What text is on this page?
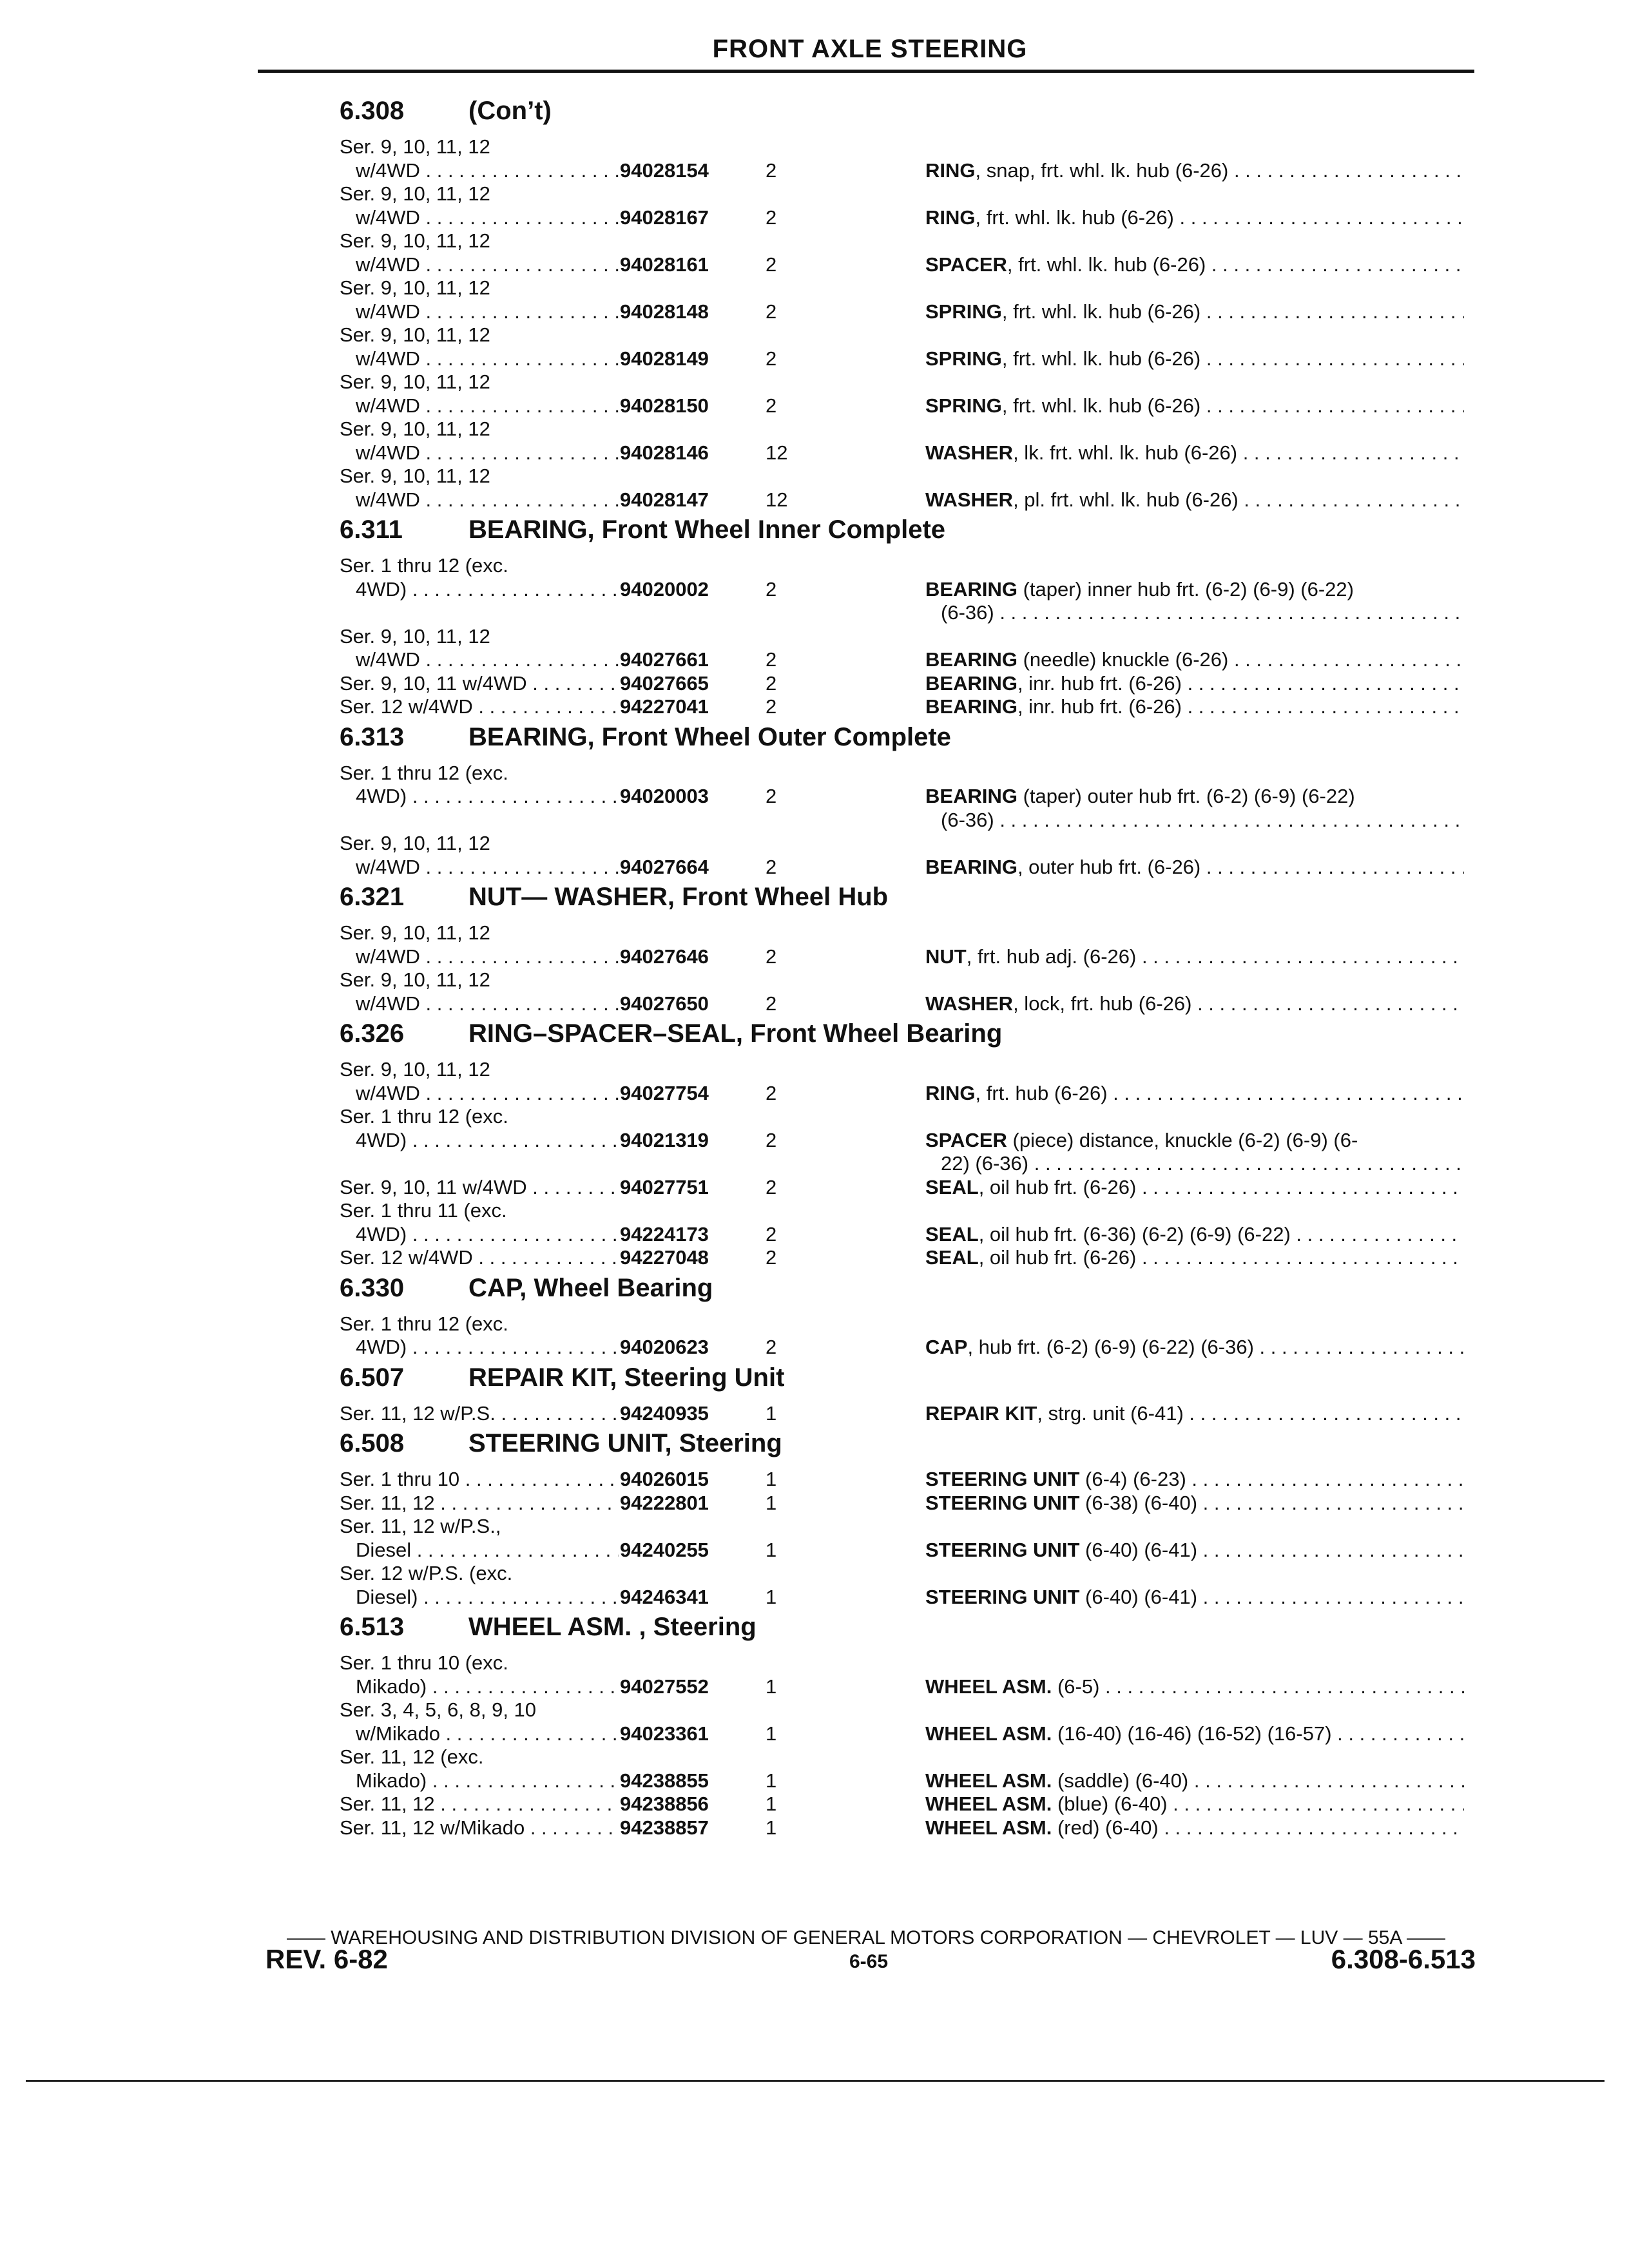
FRONT AXLE STEERING
6.308 (Con’t)
Ser. 9, 10, 11, 12
w/4WD . . .	94028154	2	RING, snap, frt. whl. lk. hub (6-26) . . .
Ser. 9, 10, 11, 12
w/4WD . . .	94028167	2	RING, frt. whl. lk. hub (6-26) . . .
Ser. 9, 10, 11, 12
w/4WD . . .	94028161	2	SPACER, frt. whl. lk. hub (6-26) . . .
Ser. 9, 10, 11, 12
w/4WD . . .	94028148	2	SPRING, frt. whl. lk. hub (6-26) . . .
Ser. 9, 10, 11, 12
w/4WD . . .	94028149	2	SPRING, frt. whl. lk. hub (6-26) . . .
Ser. 9, 10, 11, 12
w/4WD . . .	94028150	2	SPRING, frt. whl. lk. hub (6-26) . . .
Ser. 9, 10, 11, 12
w/4WD . . .	94028146	12	WASHER, lk. frt. whl. lk. hub (6-26) . . .
Ser. 9, 10, 11, 12
w/4WD . . .	94028147	12	WASHER, pl. frt. whl. lk. hub (6-26) . . .
6.311	BEARING, Front Wheel Inner Complete
Ser. 1 thru 12 (exc.
4WD) . . .	94020002	2	BEARING (taper) inner hub frt. (6-2) (6-9) (6-22)
(6-36) . . .
Ser. 9, 10, 11, 12
w/4WD . . .	94027661	2	BEARING (needle) knuckle (6-26) . . .
Ser. 9, 10, 11 w/4WD . . .	94027665	2	BEARING, inr. hub frt. (6-26) . . .
Ser. 12 w/4WD . . .	94227041	2	BEARING, inr. hub frt. (6-26) . . .
6.313 BEARING, Front Wheel Outer Complete
Ser. 1 thru 12 (exc.
4WD) . . .	94020003	2	BEARING (taper) outer hub frt. (6-2) (6-9) (6-22)
(6-36) . . .
Ser. 9, 10, 11, 12
w/4WD . . .	94027664	2	BEARING, outer hub frt. (6-26) . . .
6.321 NUT— WASHER, Front Wheel Hub
Ser. 9, 10, 11, 12
w/4WD . . .	94027646	2	NUT, frt. hub adj. (6-26) . . .
Ser. 9, 10, 11, 12
w/4WD . . .	94027650	2	WASHER, lock, frt. hub (6-26) . . .
6.326 RING–SPACER–SEAL, Front Wheel Bearing
Ser. 9, 10, 11, 12
w/4WD . . .	94027754	2	RING, frt. hub (6-26) . . .
Ser. 1 thru 12 (exc.
4WD) . . .	94021319	2	SPACER (piece) distance, knuckle (6-2) (6-9) (6-
22) (6-36) . . .
Ser. 9, 10, 11 w/4WD . . .	94027751	2	SEAL, oil hub frt. (6-26) . . .
Ser. 1 thru 11 (exc.
4WD) . . .	94224173	2	SEAL, oil hub frt. (6-36) (6-2) (6-9) (6-22) . . .
Ser. 12 w/4WD . . .	94227048	2	SEAL, oil hub frt. (6-26) . . .
6.330 CAP, Wheel Bearing
Ser. 1 thru 12 (exc.
4WD) . . .	94020623	2	CAP, hub frt. (6-2) (6-9) (6-22) (6-36) . . .
6.507 REPAIR KIT, Steering Unit
Ser. 11, 12 w/P.S. . . .	94240935	1	REPAIR KIT, strg. unit (6-41) . . .
6.508 STEERING UNIT, Steering
Ser. 1 thru 10 . . .	94026015	1	STEERING UNIT (6-4) (6-23) . . .
Ser. 11, 12 . . .	94222801	1	STEERING UNIT (6-38) (6-40) . . .
Ser. 11, 12 w/P.S.,
Diesel . . .	94240255	1	STEERING UNIT (6-40) (6-41) . . .
Ser. 12 w/P.S. (exc.
Diesel) . . .	94246341	1	STEERING UNIT (6-40) (6-41) . . .
6.513 WHEEL ASM. , Steering
Ser. 1 thru 10 (exc.
Mikado) . . .	94027552	1	WHEEL ASM. (6-5) . . .
Ser. 3, 4, 5, 6, 8, 9, 10
w/Mikado . . .	94023361	1	WHEEL ASM. (16-40) (16-46) (16-52) (16-57) . . .
Ser. 11, 12 (exc.
Mikado) . . .	94238855	1	WHEEL ASM. (saddle) (6-40) . . .
Ser. 11, 12 . . .	94238856	1	WHEEL ASM. (blue) (6-40) . . .
Ser. 11, 12 w/Mikado . . .	94238857	1	WHEEL ASM. (red) (6-40) . . .
—— WAREHOUSING AND DISTRIBUTION DIVISION OF GENERAL MOTORS CORPORATION — CHEVROLET — LUV — 55A ——
REV. 6-82	6-65	6.308-6.513
